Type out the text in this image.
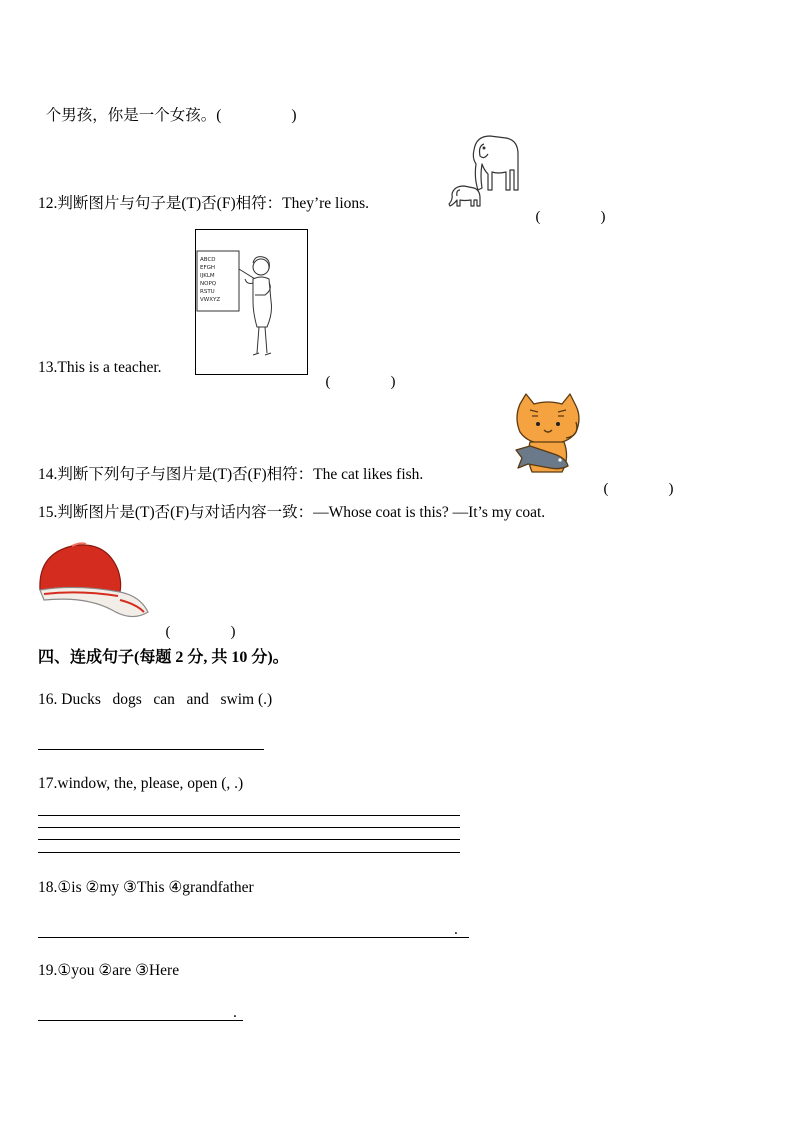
个男孩，你是一个女孩。(	)

12.判断图片与句子是(T)否(F)相符：They’re lions.

(	)

ABCD
EFGH
IJKLM
NOPQ
RSTU
VWXYZ
13.This is a teacher.

(	)

14.判断下列句子与图片是(T)否(F)相符：The cat likes fish.

(	)

15.判断图片是(T)否(F)与对话内容一致：—Whose coat is this? —It’s my coat.

(	)

四、连成句子(每题 2 分, 共 10 分)。
16. Ducks   dogs   can   and   swim (.)
17.window, the, please, open (, .)
18.①is ②my ③This ④grandfather
.
19.①you ②are ③Here
.
